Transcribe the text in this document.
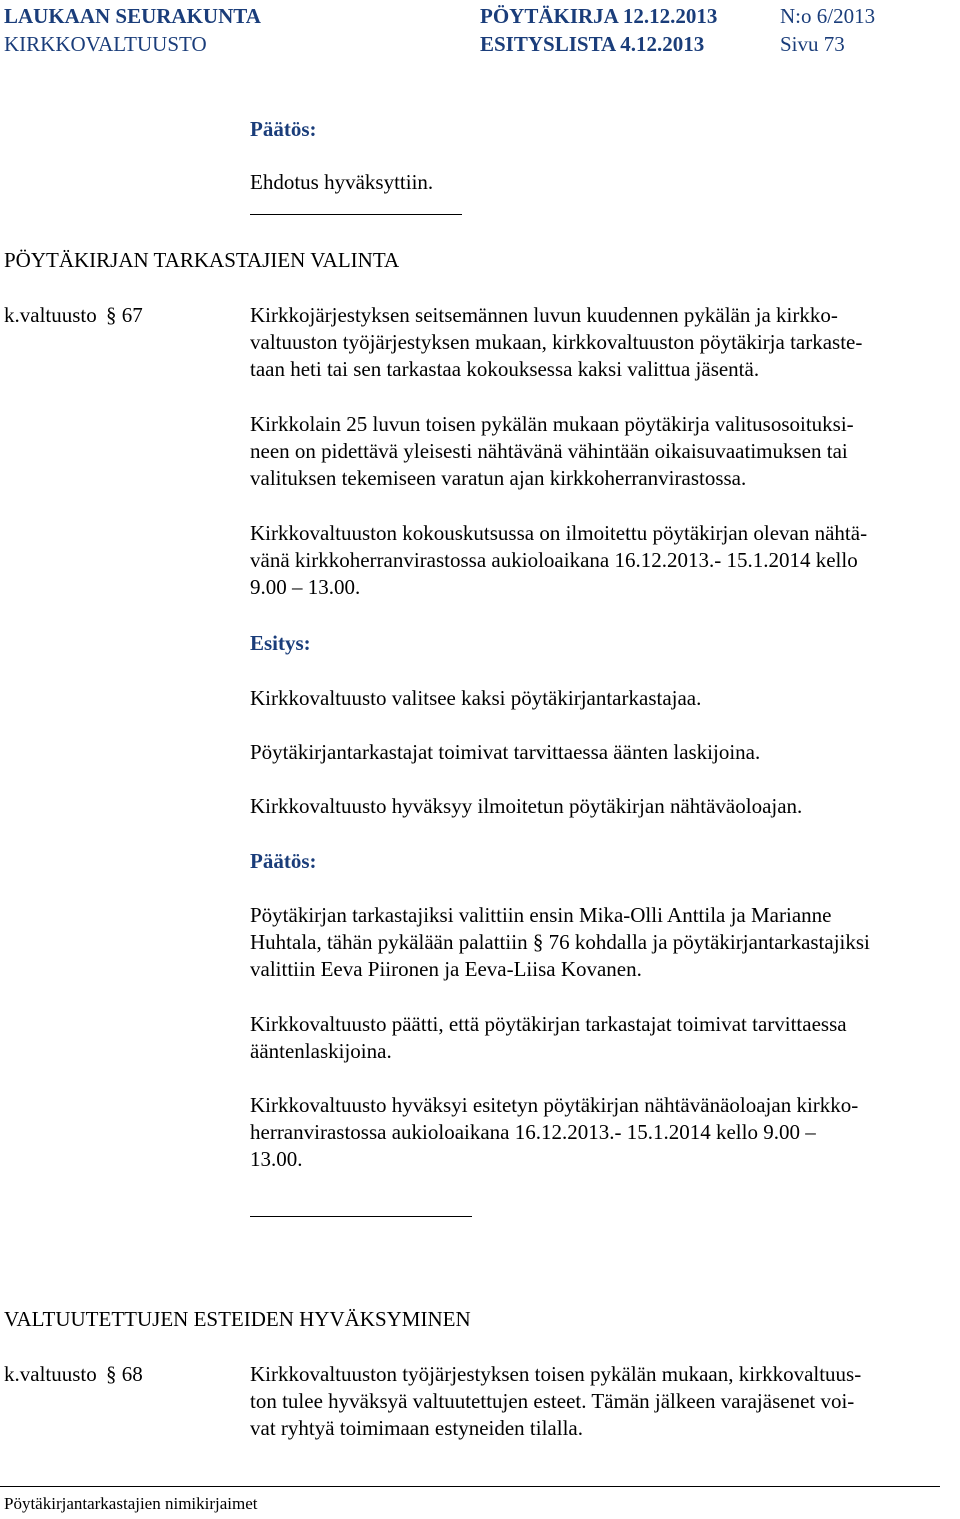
LAUKAAN SEURAKUNTA	PÖYTÄKIRJA 12.12.2013	N:o 6/2013
KIRKKOVALTUUSTO	ESITYSLISTA 4.12.2013	Sivu 73
Päätös:
Ehdotus hyväksyttiin.
PÖYTÄKIRJAN TARKASTAJIEN VALINTA
k.valtuusto § 67	Kirkkojärjestyksen seitsemännen luvun kuudennen pykälän ja kirkko-
valtuuston työjärjestyksen mukaan, kirkkovaltuuston pöytäkirja tarkaste-
taan heti tai sen tarkastaa kokouksessa kaksi valittua jäsentä.
Kirkkolain 25 luvun toisen pykälän mukaan pöytäkirja valitusosoituksi-
neen on pidettävä yleisesti nähtävänä vähintään oikaisuvaatimuksen tai
valituksen tekemiseen varatun ajan kirkkoherranvirastossa.
Kirkkovaltuuston kokouskutsussa on ilmoitettu pöytäkirjan olevan nähtä-
vänä kirkkoherranvirastossa aukioloaikana 16.12.2013.- 15.1.2014 kello
9.00 – 13.00.
Esitys:
Kirkkovaltuusto valitsee kaksi pöytäkirjantarkastajaa.
Pöytäkirjantarkastajat toimivat tarvittaessa äänten laskijoina.
Kirkkovaltuusto hyväksyy ilmoitetun pöytäkirjan nähtäväoloajan.
Päätös:
Pöytäkirjan tarkastajiksi valittiin ensin Mika-Olli Anttila ja Marianne
Huhtala, tähän pykälään palattiin § 76 kohdalla ja pöytäkirjantarkastajiksi
valittiin Eeva Piironen ja Eeva-Liisa Kovanen.
Kirkkovaltuusto päätti, että pöytäkirjan tarkastajat toimivat tarvittaessa
ääntenlaskijoina.
Kirkkovaltuusto hyväksyi esitetyn pöytäkirjan nähtävänäoloajan kirkko-
herranvirastossa aukioloaikana 16.12.2013.- 15.1.2014 kello 9.00 –
13.00.
VALTUUTETTUJEN ESTEIDEN HYVÄKSYMINEN
k.valtuusto § 68	Kirkkovaltuuston työjärjestyksen toisen pykälän mukaan, kirkkovaltuus-
ton tulee hyväksyä valtuutettujen esteet. Tämän jälkeen varajäsenet voi-
vat ryhtyä toimimaan estyneiden tilalla.
Pöytäkirjantarkastajien nimikirjaimet
